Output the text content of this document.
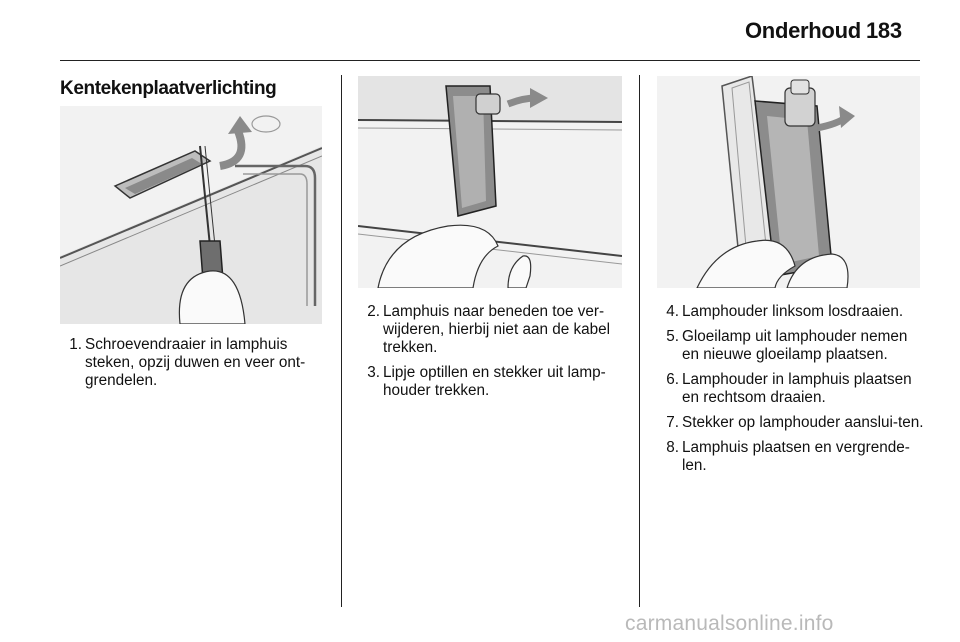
Onderhoud 183
Kentekenplaatverlichting
1. Schroevendraaier in lamphuis steken, opzij duwen en veer ont-grendelen.
2. Lamphuis naar beneden toe ver-wijderen, hierbij niet aan de kabel trekken.
3. Lipje optillen en stekker uit lamp-houder trekken.
4. Lamphouder linksom losdraaien.
5. Gloeilamp uit lamphouder nemen en nieuwe gloeilamp plaatsen.
6. Lamphouder in lamphuis plaatsen en rechtsom draaien.
7. Stekker op lamphouder aansluі-ten.
8. Lamphuis plaatsen en vergrende-len.
carmanualsonline.info
